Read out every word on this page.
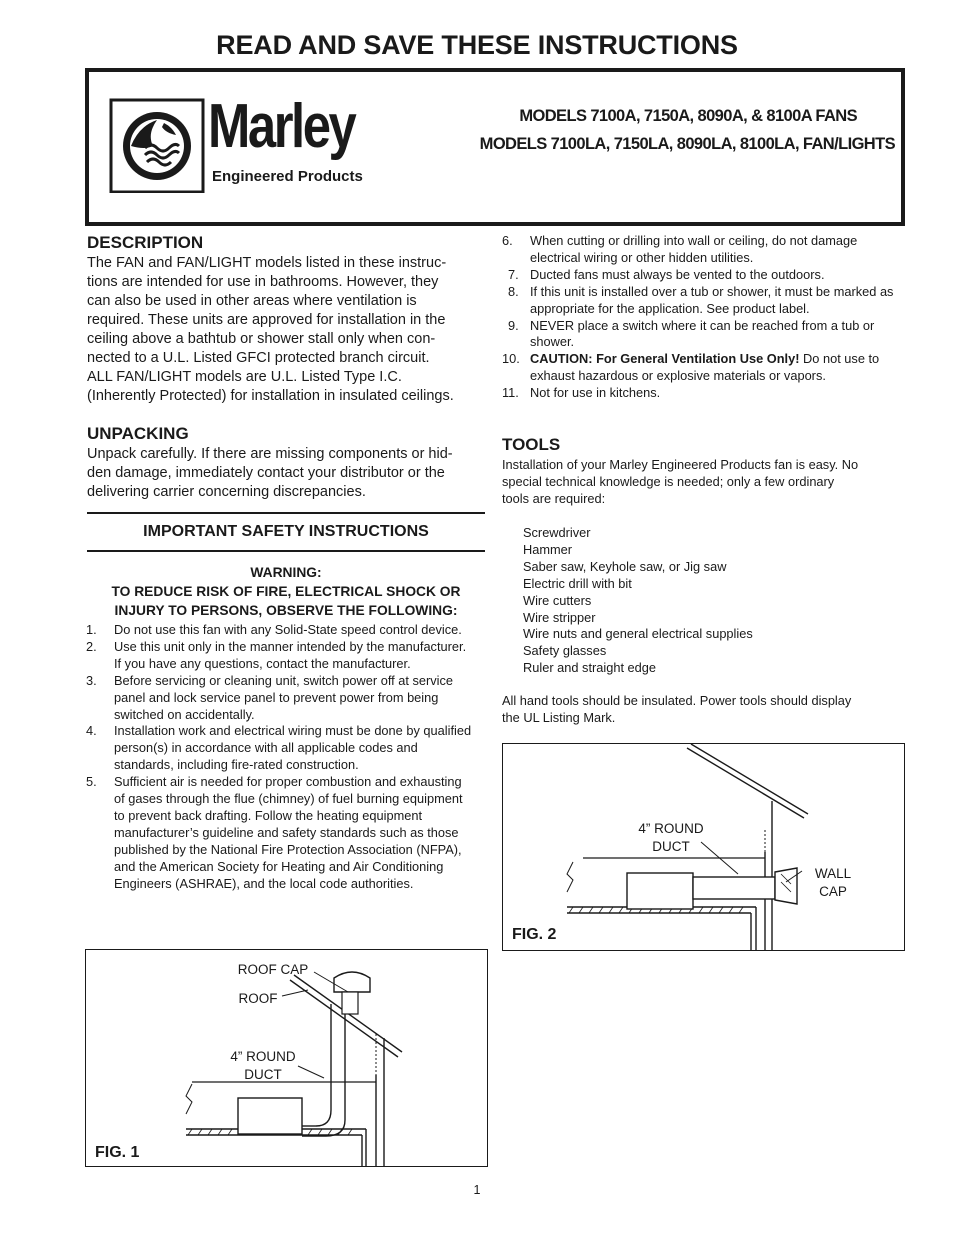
READ AND SAVE THESE INSTRUCTIONS
Marley
Engineered Products
MODELS 7100A, 7150A, 8090A, & 8100A FANS
MODELS 7100LA, 7150LA, 8090LA, 8100LA, FAN/LIGHTS
DESCRIPTION
The FAN and FAN/LIGHT models listed in these instruc-
tions are intended for use in bathrooms. However, they
can also be used in other areas where ventilation is
required. These units are approved for installation in the
ceiling above a bathtub or shower stall only when con-
nected to a U.L. Listed GFCI protected branch circuit.
ALL FAN/LIGHT models are U.L. Listed Type I.C.
(Inherently Protected) for installation in insulated ceilings.
UNPACKING
Unpack carefully. If there are missing components or hid-
den damage, immediately contact your distributor or the
delivering carrier concerning discrepancies.
IMPORTANT SAFETY INSTRUCTIONS
WARNING:
TO REDUCE RISK OF FIRE, ELECTRICAL SHOCK OR
INJURY TO PERSONS, OBSERVE THE FOLLOWING:
1.	Do not use this fan with any Solid-State speed control device.
2.	Use this unit only in the manner intended by the manufacturer. If you have any questions, contact the manufacturer.
3.	Before servicing or cleaning unit, switch power off at service panel and lock service panel to prevent power from being switched on accidentally.
4.	Installation work and electrical wiring must be done by qualified person(s) in accordance with all applicable codes and standards, including fire-rated construction.
5.	Sufficient air is needed for proper combustion and exhausting of gases through the flue (chimney) of fuel burning equipment to prevent back drafting. Follow the heating equipment manufacturer’s guideline and safety standards such as those published by the National Fire Protection Association (NFPA), and the American Society for Heating and Air Conditioning Engineers (ASHRAE), and the local code authorities.
6.	When cutting or drilling into wall or ceiling, do not damage electrical wiring or other hidden utilities.
7. Ducted fans must always be vented to the outdoors.
8. If this unit is installed over a tub or shower, it must be marked as appropriate for the application. See product label.
9. NEVER place a switch where it can be reached from a tub or shower.
10. CAUTION: For General Ventilation Use Only! Do not use to exhaust hazardous or explosive materials or vapors.
11. Not for use in kitchens.
TOOLS
Installation of your Marley Engineered Products fan is easy. No
special technical knowledge is needed; only a few ordinary
tools are required:
Screwdriver
Hammer
Saber saw, Keyhole saw, or Jig saw
Electric drill with bit
Wire cutters
Wire stripper
Wire nuts and general electrical supplies
Safety glasses
Ruler and straight edge
All hand tools should be insulated. Power tools should display
the UL Listing Mark.
4” ROUND
DUCT
WALL
CAP
FIG. 2
ROOF CAP
ROOF
4” ROUND
DUCT
FIG. 1
1
